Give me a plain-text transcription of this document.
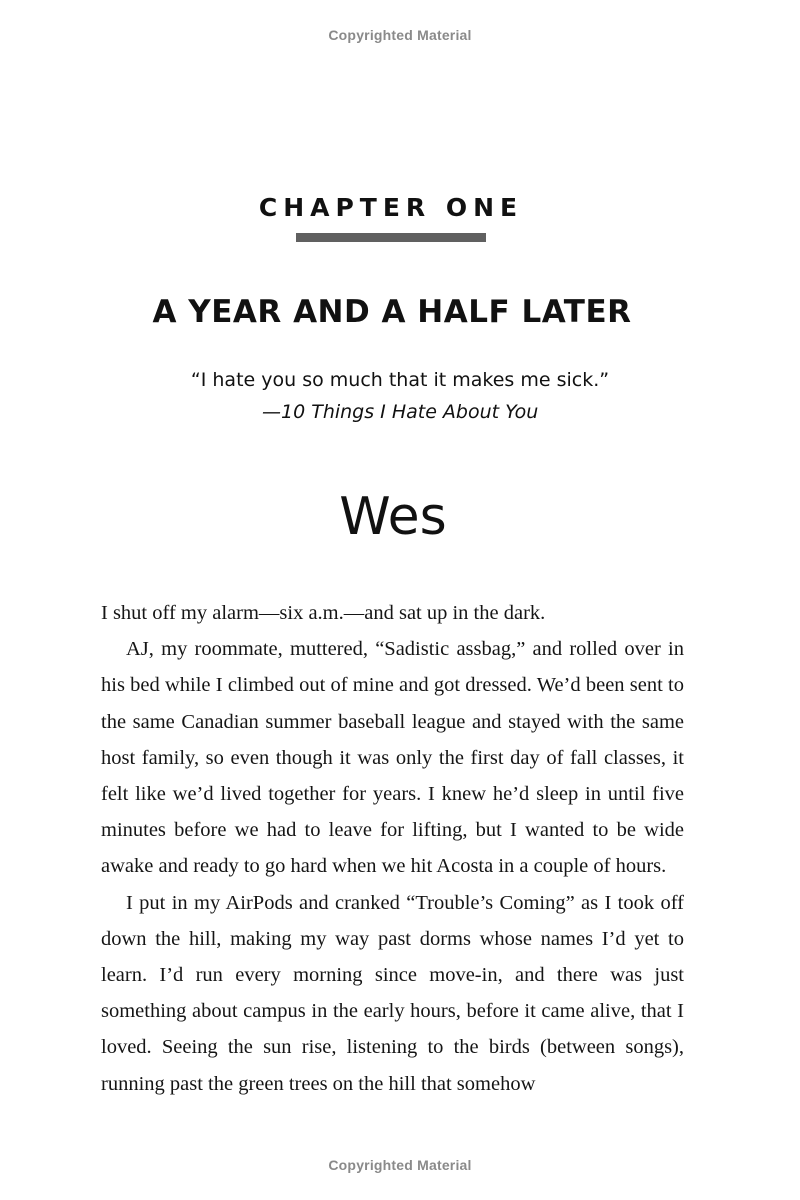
Copyrighted Material
CHAPTER ONE
A YEAR AND A HALF LATER
“I hate you so much that it makes me sick.”
—10 Things I Hate About You
Wes

I shut off my alarm—six a.m.—and sat up in the dark.

AJ, my roommate, muttered, “Sadistic assbag,” and rolled over in his bed while I climbed out of mine and got dressed. We’d been sent to the same Canadian summer baseball league and stayed with the same host family, so even though it was only the first day of fall classes, it felt like we’d lived together for years. I knew he’d sleep in until five minutes before we had to leave for lifting, but I wanted to be wide awake and ready to go hard when we hit Acosta in a couple of hours.

I put in my AirPods and cranked “Trouble’s Coming” as I took off down the hill, making my way past dorms whose names I’d yet to learn. I’d run every morning since move-in, and there was just something about campus in the early hours, before it came alive, that I loved. Seeing the sun rise, listening to the birds (between songs), running past the green trees on the hill that somehow

Copyrighted Material
